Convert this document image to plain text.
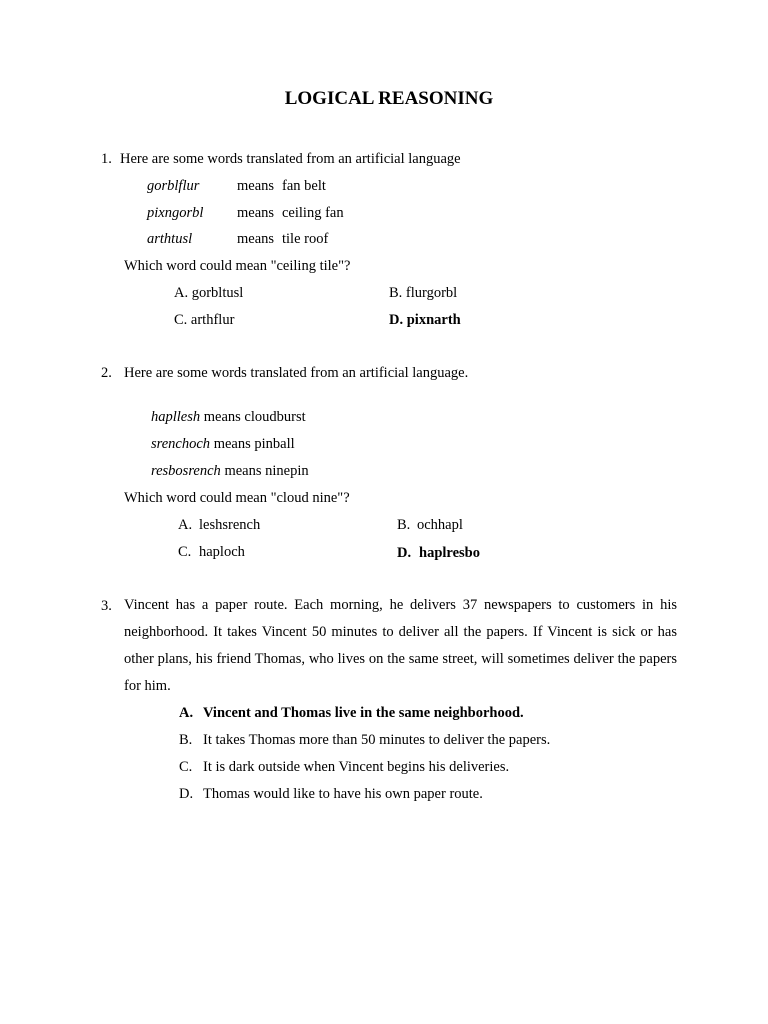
LOGICAL REASONING
1. Here are some words translated from an artificial language
gorblflur	means fan belt
pixngorbl means ceiling fan
arthtusl	means tile roof
Which word could mean "ceiling tile"?
A. gorbltusl	B. flurgorbl
C. arthflur	D. pixnarth
2. Here are some words translated from an artificial language.
hapllesh means cloudburst
srenchoch means pinball
resbosrench means ninepin
Which word could mean "cloud nine"?
A. leshsrench	B. ochhapl
C. haploch	D. haplresbo
3. Vincent has a paper route. Each morning, he delivers 37 newspapers to customers in his neighborhood. It takes Vincent 50 minutes to deliver all the papers. If Vincent is sick or has other plans, his friend Thomas, who lives on the same street, will sometimes deliver the papers for him.
A. Vincent and Thomas live in the same neighborhood.
B. It takes Thomas more than 50 minutes to deliver the papers.
C. It is dark outside when Vincent begins his deliveries.
D. Thomas would like to have his own paper route.
